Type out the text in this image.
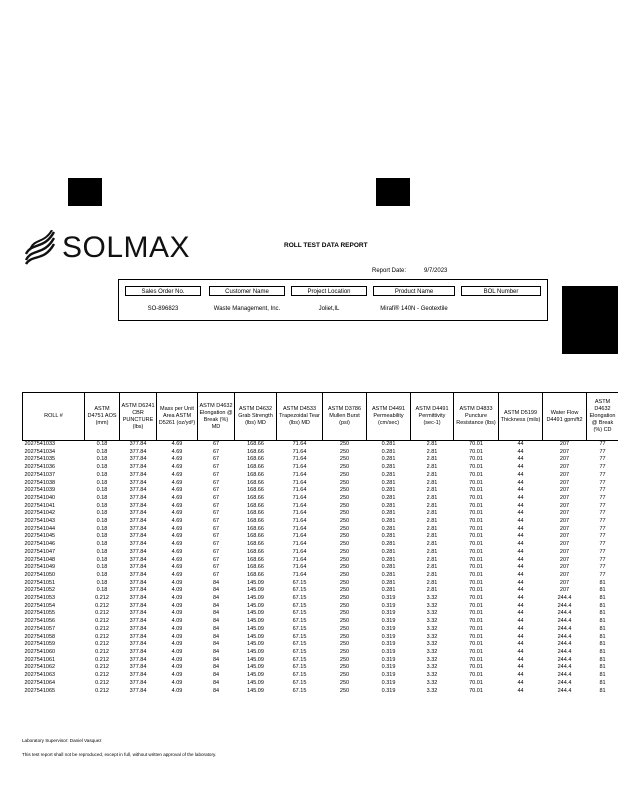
SOLMAX	ROLL TEST DATA REPORT
Report Date:	9/7/2023
Sales Order No.
SO-896823
Customer Name
Waste Management, Inc.
Project Location
Joliet,IL
Product Name
Mirafi® 140N - Geotextile
BOL Number
ROLL #	ASTM D4751 AOS (mm)	ASTM D6241 CBR PUNCTURE (lbs)	Mass per Unit Area ASTM D5261 (oz/yd²)	ASTM D4632 Elongation @ Break (%) MD	ASTM D4632 Grab Strength (lbs) MD	ASTM D4533 Trapezoidal Tear (lbs) MD	ASTM D3786 Mullen Burst (psi)	ASTM D4491 Permeability (cm/sec)	ASTM D4491 Permittivity (sec-1)	ASTM D4833 Puncture Resistance (lbs)	ASTM D5199 Thickness (mils)	Water Flow D4491 gpm/ft2	ASTM D4632 Elongation @ Break (%) CD
2027541033	0.18	377.84	4.69	67	168.66	71.64	250	0.281	2.81	70.01	44	207	77
2027541034	0.18	377.84	4.69	67	168.66	71.64	250	0.281	2.81	70.01	44	207	77
2027541035	0.18	377.84	4.69	67	168.66	71.64	250	0.281	2.81	70.01	44	207	77
2027541036	0.18	377.84	4.69	67	168.66	71.64	250	0.281	2.81	70.01	44	207	77
2027541037	0.18	377.84	4.69	67	168.66	71.64	250	0.281	2.81	70.01	44	207	77
2027541038	0.18	377.84	4.69	67	168.66	71.64	250	0.281	2.81	70.01	44	207	77
2027541039	0.18	377.84	4.69	67	168.66	71.64	250	0.281	2.81	70.01	44	207	77
2027541040	0.18	377.84	4.69	67	168.66	71.64	250	0.281	2.81	70.01	44	207	77
2027541041	0.18	377.84	4.69	67	168.66	71.64	250	0.281	2.81	70.01	44	207	77
2027541042	0.18	377.84	4.69	67	168.66	71.64	250	0.281	2.81	70.01	44	207	77
2027541043	0.18	377.84	4.69	67	168.66	71.64	250	0.281	2.81	70.01	44	207	77
2027541044	0.18	377.84	4.69	67	168.66	71.64	250	0.281	2.81	70.01	44	207	77
2027541045	0.18	377.84	4.69	67	168.66	71.64	250	0.281	2.81	70.01	44	207	77
2027541046	0.18	377.84	4.69	67	168.66	71.64	250	0.281	2.81	70.01	44	207	77
2027541047	0.18	377.84	4.69	67	168.66	71.64	250	0.281	2.81	70.01	44	207	77
2027541048	0.18	377.84	4.69	67	168.66	71.64	250	0.281	2.81	70.01	44	207	77
2027541049	0.18	377.84	4.69	67	168.66	71.64	250	0.281	2.81	70.01	44	207	77
2027541050	0.18	377.84	4.69	67	168.66	71.64	250	0.281	2.81	70.01	44	207	77
2027541051	0.18	377.84	4.09	84	145.09	67.15	250	0.281	2.81	70.01	44	207	81
2027541052	0.18	377.84	4.09	84	145.09	67.15	250	0.281	2.81	70.01	44	207	81
2027541053	0.212	377.84	4.09	84	145.09	67.15	250	0.319	3.32	70.01	44	244.4	81
2027541054	0.212	377.84	4.09	84	145.09	67.15	250	0.319	3.32	70.01	44	244.4	81
2027541055	0.212	377.84	4.09	84	145.09	67.15	250	0.319	3.32	70.01	44	244.4	81
2027541056	0.212	377.84	4.09	84	145.09	67.15	250	0.319	3.32	70.01	44	244.4	81
2027541057	0.212	377.84	4.09	84	145.09	67.15	250	0.319	3.32	70.01	44	244.4	81
2027541058	0.212	377.84	4.09	84	145.09	67.15	250	0.319	3.32	70.01	44	244.4	81
2027541059	0.212	377.84	4.09	84	145.09	67.15	250	0.319	3.32	70.01	44	244.4	81
2027541060	0.212	377.84	4.09	84	145.09	67.15	250	0.319	3.32	70.01	44	244.4	81
2027541061	0.212	377.84	4.09	84	145.09	67.15	250	0.319	3.32	70.01	44	244.4	81
2027541062	0.212	377.84	4.09	84	145.09	67.15	250	0.319	3.32	70.01	44	244.4	81
2027541063	0.212	377.84	4.09	84	145.09	67.15	250	0.319	3.32	70.01	44	244.4	81
2027541064	0.212	377.84	4.09	84	145.09	67.15	250	0.319	3.32	70.01	44	244.4	81
2027541065	0.212	377.84	4.09	84	145.09	67.15	250	0.319	3.32	70.01	44	244.4	81
Laboratory Supervisor: Daniel Vasquez
This test report shall not be reproduced, except in full, without written approval of the laboratory.
